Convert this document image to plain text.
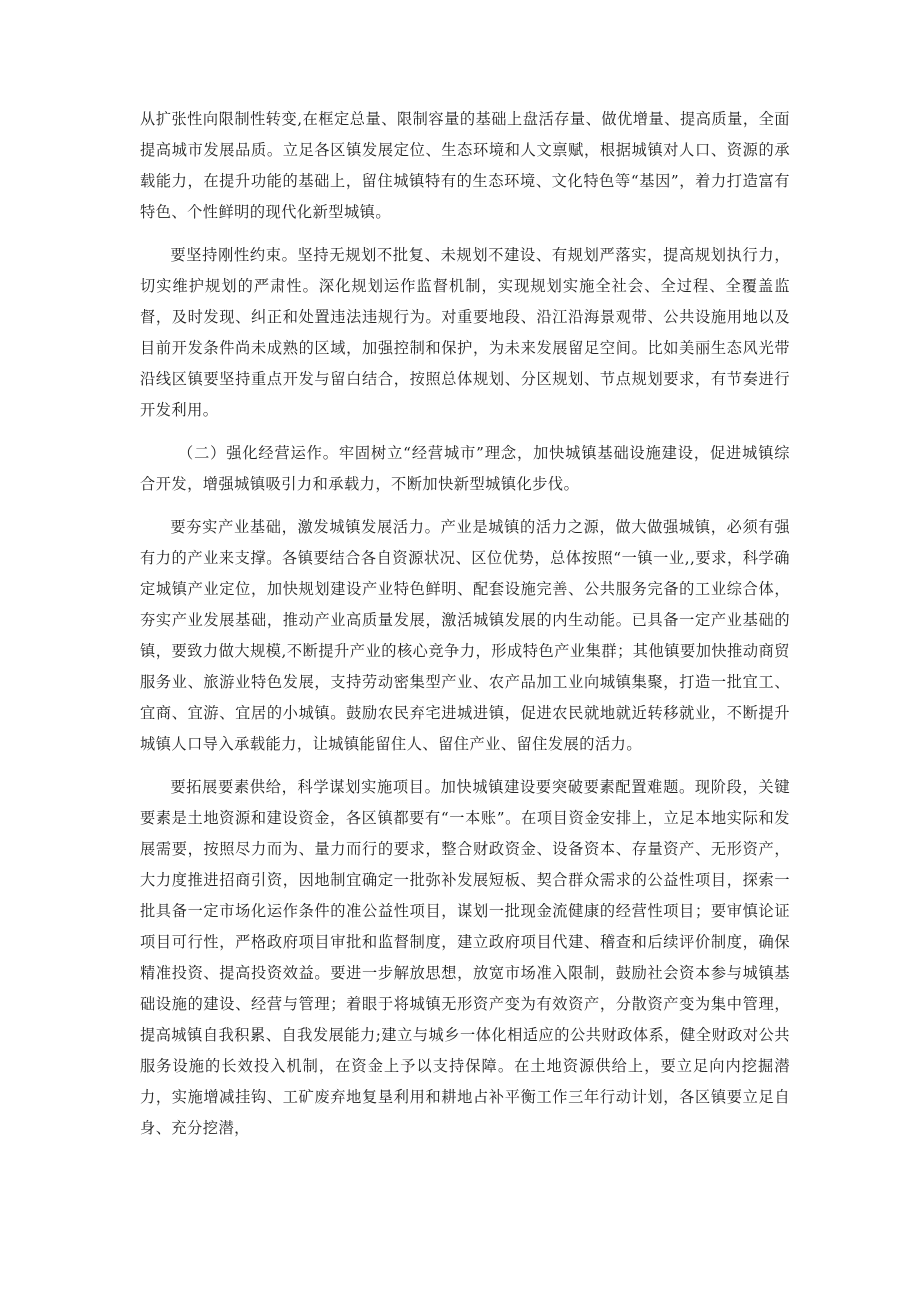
从扩张性向限制性转变,在框定总量、限制容量的基础上盘活存量、做优增量、提高质量，全面提高城市发展品质。立足各区镇发展定位、生态环境和人文禀赋，根据城镇对人口、资源的承载能力，在提升功能的基础上，留住城镇特有的生态环境、文化特色等“基因”，着力打造富有特色、个性鲜明的现代化新型城镇。

要坚持刚性约束。坚持无规划不批复、未规划不建设、有规划严落实，提高规划执行力，切实维护规划的严肃性。深化规划运作监督机制，实现规划实施全社会、全过程、全覆盖监督，及时发现、纠正和处置违法违规行为。对重要地段、沿江沿海景观带、公共设施用地以及目前开发条件尚未成熟的区域，加强控制和保护，为未来发展留足空间。比如美丽生态风光带沿线区镇要坚持重点开发与留白结合，按照总体规划、分区规划、节点规划要求，有节奏进行开发利用。

（二）强化经营运作。牢固树立“经营城市”理念，加快城镇基础设施建设，促进城镇综合开发，增强城镇吸引力和承载力，不断加快新型城镇化步伐。

要夯实产业基础，激发城镇发展活力。产业是城镇的活力之源，做大做强城镇，必须有强有力的产业来支撑。各镇要结合各自资源状况、区位优势，总体按照“一镇一业,,要求，科学确定城镇产业定位，加快规划建设产业特色鲜明、配套设施完善、公共服务完备的工业综合体，夯实产业发展基础，推动产业高质量发展，激活城镇发展的内生动能。已具备一定产业基础的镇，要致力做大规模,不断提升产业的核心竞争力，形成特色产业集群；其他镇要加快推动商贸服务业、旅游业特色发展，支持劳动密集型产业、农产品加工业向城镇集聚，打造一批宜工、宜商、宜游、宜居的小城镇。鼓励农民弃宅进城进镇，促进农民就地就近转移就业，不断提升城镇人口导入承载能力，让城镇能留住人、留住产业、留住发展的活力。

要拓展要素供给，科学谋划实施项目。加快城镇建设要突破要素配置难题。现阶段，关键要素是土地资源和建设资金，各区镇都要有“一本账”。在项目资金安排上，立足本地实际和发展需要，按照尽力而为、量力而行的要求，整合财政资金、设备资本、存量资产、无形资产，大力度推进招商引资，因地制宜确定一批弥补发展短板、契合群众需求的公益性项目，探索一批具备一定市场化运作条件的准公益性项目，谋划一批现金流健康的经营性项目；要审慎论证项目可行性，严格政府项目审批和监督制度，建立政府项目代建、稽查和后续评价制度，确保精准投资、提高投资效益。要进一步解放思想，放宽市场准入限制，鼓励社会资本参与城镇基础设施的建设、经营与管理；着眼于将城镇无形资产变为有效资产，分散资产变为集中管理，提高城镇自我积累、自我发展能力;建立与城乡一体化相适应的公共财政体系，健全财政对公共服务设施的长效投入机制，在资金上予以支持保障。在土地资源供给上，要立足向内挖掘潜力，实施增减挂钩、工矿废弃地复垦利用和耕地占补平衡工作三年行动计划，各区镇要立足自身、充分挖潜，
